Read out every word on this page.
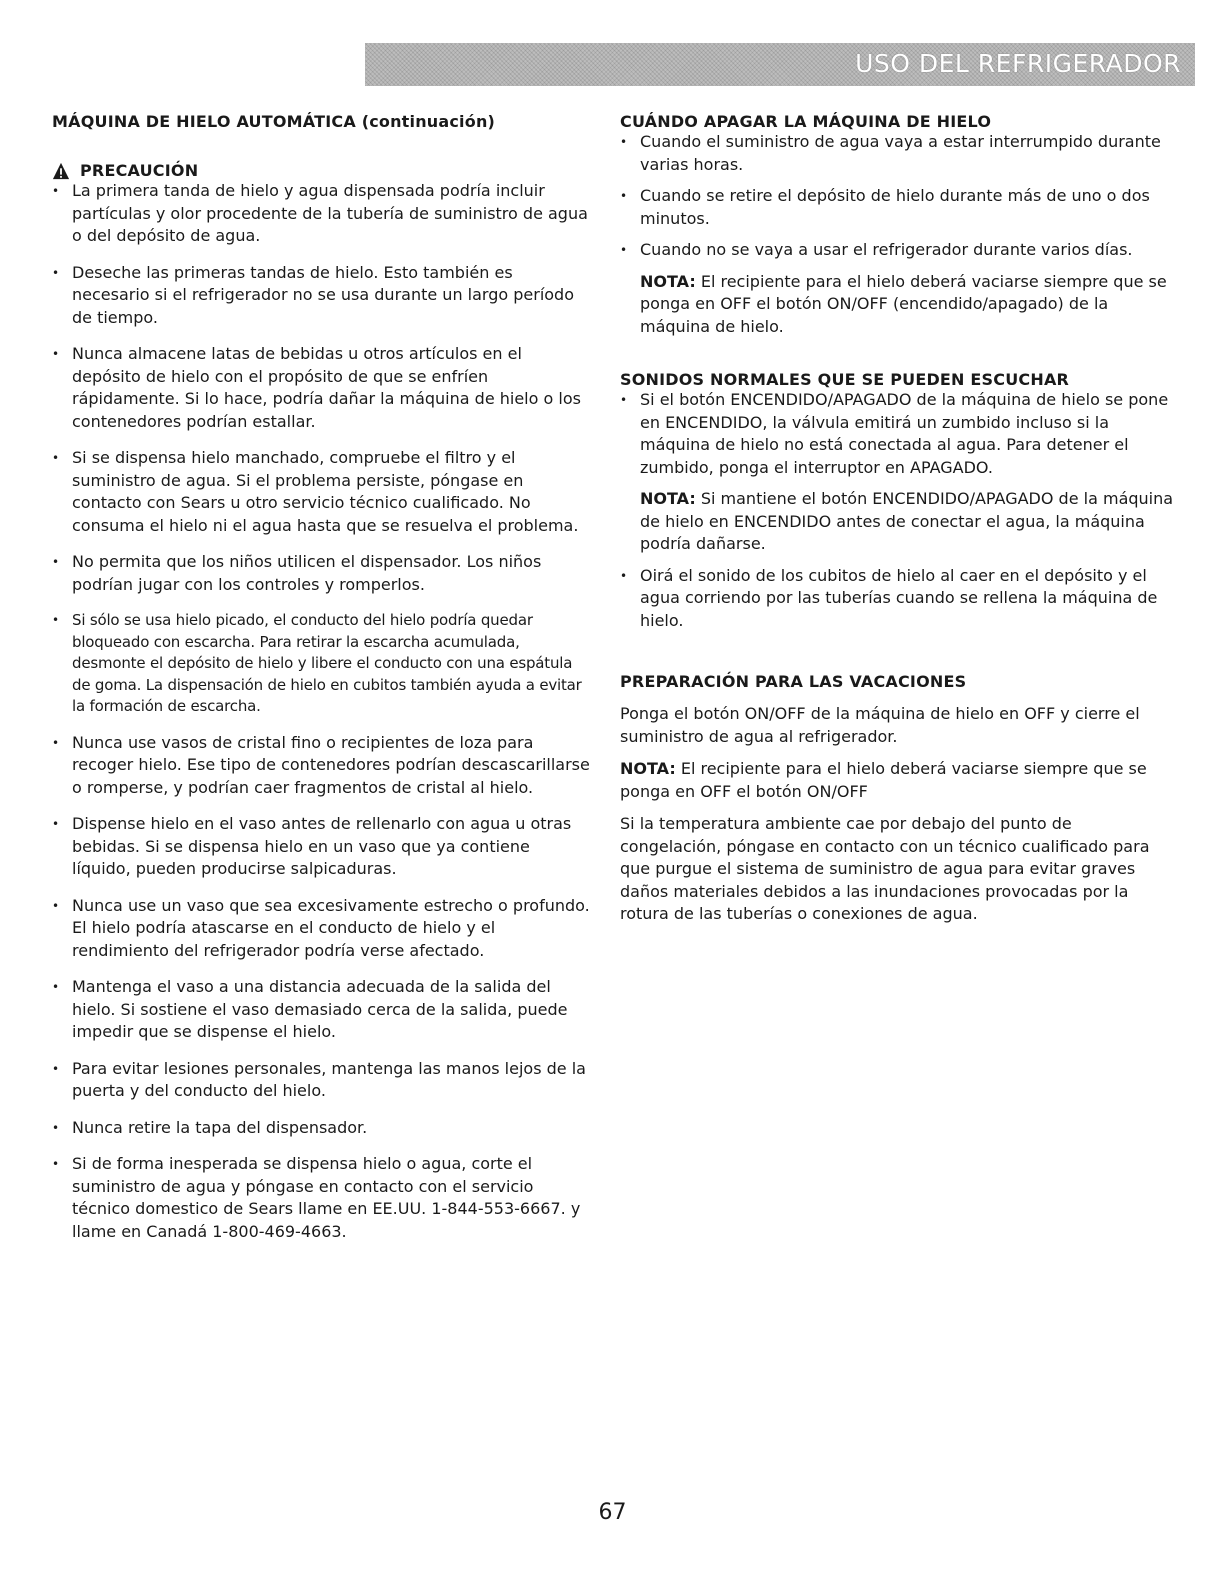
USO DEL REFRIGERADOR
MÁQUINA DE HIELO AUTOMÁTICA (continuación)
PRECAUCIÓN
• La primera tanda de hielo y agua dispensada podría incluir partículas y olor procedente de la tubería de suministro de agua o del depósito de agua.
• Deseche las primeras tandas de hielo. Esto también es necesario si el refrigerador no se usa durante un largo período de tiempo.
• Nunca almacene latas de bebidas u otros artículos en el depósito de hielo con el propósito de que se enfríen rápidamente. Si lo hace, podría dañar la máquina de hielo o los contenedores podrían estallar.
• Si se dispensa hielo manchado, compruebe el filtro y el suministro de agua. Si el problema persiste, póngase en contacto con Sears u otro servicio técnico cualificado. No consuma el hielo ni el agua hasta que se resuelva el problema.
• No permita que los niños utilicen el dispensador. Los niños podrían jugar con los controles y romperlos.
• Si sólo se usa hielo picado, el conducto del hielo podría quedar bloqueado con escarcha. Para retirar la escarcha acumulada, desmonte el depósito de hielo y libere el conducto con una espátula de goma. La dispensación de hielo en cubitos también ayuda a evitar la formación de escarcha.
• Nunca use vasos de cristal fino o recipientes de loza para recoger hielo. Ese tipo de contenedores podrían descascarillarse o romperse, y podrían caer fragmentos de cristal al hielo.
• Dispense hielo en el vaso antes de rellenarlo con agua u otras bebidas. Si se dispensa hielo en un vaso que ya contiene líquido, pueden producirse salpicaduras.
• Nunca use un vaso que sea excesivamente estrecho o profundo. El hielo podría atascarse en el conducto de hielo y el rendimiento del refrigerador podría verse afectado.
• Mantenga el vaso a una distancia adecuada de la salida del hielo. Si sostiene el vaso demasiado cerca de la salida, puede impedir que se dispense el hielo.
• Para evitar lesiones personales, mantenga las manos lejos de la puerta y del conducto del hielo.
• Nunca retire la tapa del dispensador.
• Si de forma inesperada se dispensa hielo o agua, corte el suministro de agua y póngase en contacto con el servicio técnico domestico de Sears llame en EE.UU. 1-844-553-6667. y llame en Canadá 1-800-469-4663.
CUÁNDO APAGAR LA MÁQUINA DE HIELO
• Cuando el suministro de agua vaya a estar interrumpido durante varias horas.
• Cuando se retire el depósito de hielo durante más de uno o dos minutos.
• Cuando no se vaya a usar el refrigerador durante varios días.

NOTA: El recipiente para el hielo deberá vaciarse siempre que se ponga en OFF el botón ON/OFF (encendido/apagado) de la máquina de hielo.

SONIDOS NORMALES QUE SE PUEDEN ESCUCHAR
• Si el botón ENCENDIDO/APAGADO de la máquina de hielo se pone en ENCENDIDO, la válvula emitirá un zumbido incluso si la máquina de hielo no está conectada al agua. Para detener el zumbido, ponga el interruptor en APAGADO.

NOTA: Si mantiene el botón ENCENDIDO/APAGADO de la máquina de hielo en ENCENDIDO antes de conectar el agua, la máquina podría dañarse.

• Oirá el sonido de los cubitos de hielo al caer en el depósito y el agua corriendo por las tuberías cuando se rellena la máquina de hielo.
PREPARACIÓN PARA LAS VACACIONES

Ponga el botón ON/OFF de la máquina de hielo en OFF y cierre el suministro de agua al refrigerador.

NOTA: El recipiente para el hielo deberá vaciarse siempre que se ponga en OFF el botón ON/OFF

Si la temperatura ambiente cae por debajo del punto de congelación, póngase en contacto con un técnico cualificado para que purgue el sistema de suministro de agua para evitar graves daños materiales debidos a las inundaciones provocadas por la rotura de las tuberías o conexiones de agua.

67
